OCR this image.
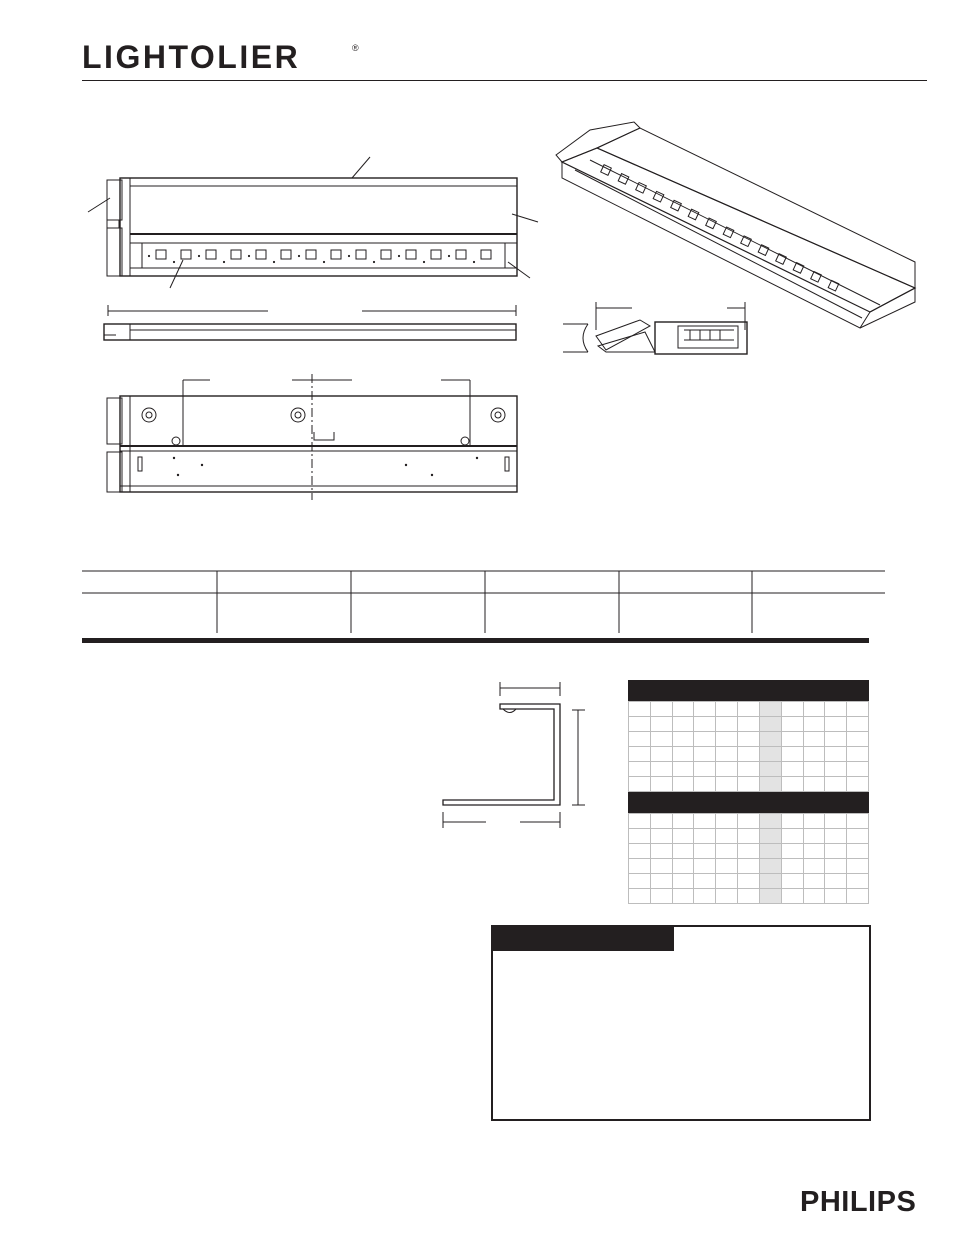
LIGHTOLIER	®

PHILIPS
